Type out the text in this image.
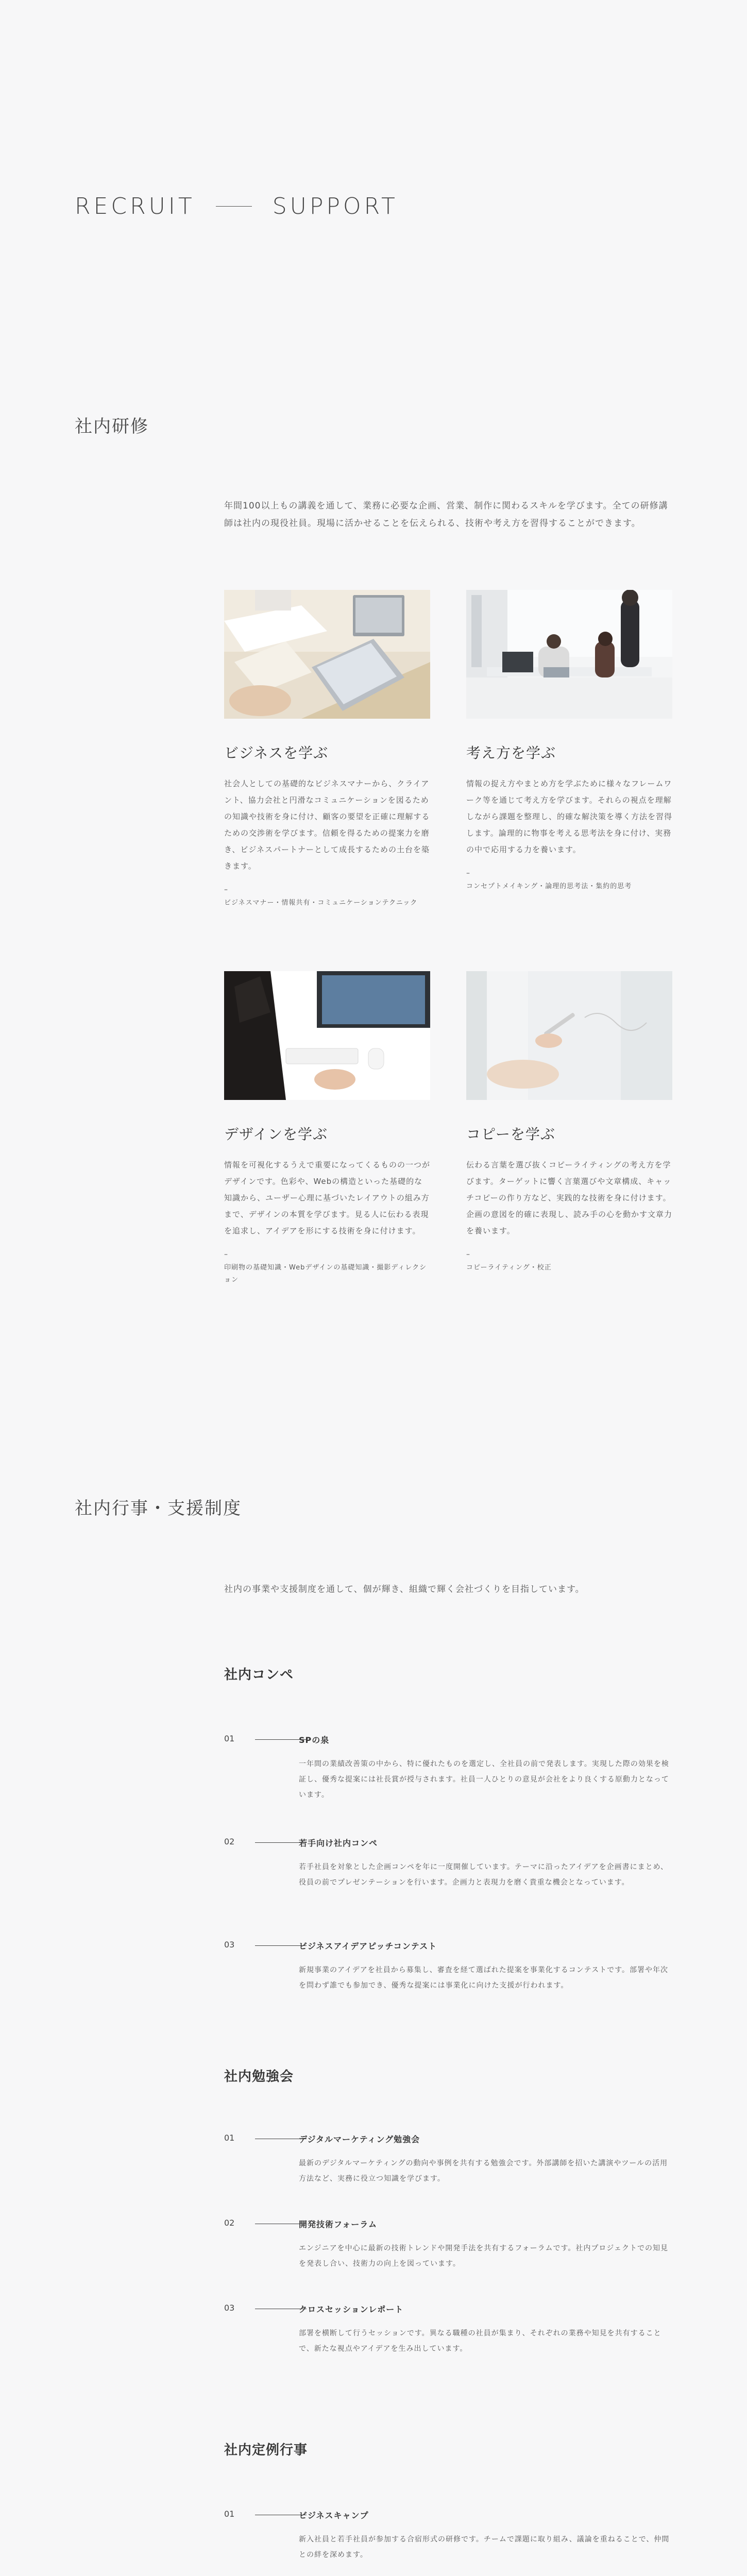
RECRUIT	SUPPORT
社内研修
年間100以上もの講義を通して、業務に必要な企画、営業、制作に関わるスキルを学びます。全ての研修講師は社内の現役社員。現場に活かせることを伝えられる、技術や考え方を習得することができます。
ビジネスを学ぶ

社会人としての基礎的なビジネスマナーから、クライアント、協力会社と円滑なコミュニケーションを図るための知識や技術を身に付け、顧客の要望を正確に理解するための交渉術を学びます。信頼を得るための提案力を磨き、ビジネスパートナーとして成長するための土台を築きます。

–
ビジネスマナー・情報共有・コミュニケーションテクニック
考え方を学ぶ

情報の捉え方やまとめ方を学ぶために様々なフレームワーク等を通じて考え方を学びます。それらの視点を理解しながら課題を整理し、的確な解決策を導く方法を習得します。論理的に物事を考える思考法を身に付け、実務の中で応用する力を養います。

–
コンセプトメイキング・論理的思考法・集約的思考
デザインを学ぶ

情報を可視化するうえで重要になってくるものの一つがデザインです。色彩や、Webの構造といった基礎的な知識から、ユーザー心理に基づいたレイアウトの組み方まで、デザインの本質を学びます。見る人に伝わる表現を追求し、アイデアを形にする技術を身に付けます。

–
印刷物の基礎知識・Webデザインの基礎知識・撮影ディレクション
コピーを学ぶ

伝わる言葉を選び抜くコピーライティングの考え方を学びます。ターゲットに響く言葉選びや文章構成、キャッチコピーの作り方など、実践的な技術を身に付けます。企画の意図を的確に表現し、読み手の心を動かす文章力を養います。

–
コピーライティング・校正
社内行事・支援制度
社内の事業や支援制度を通して、個が輝き、組織で輝く会社づくりを目指しています。
社内コンペ
01	SPの泉

一年間の業績改善策の中から、特に優れたものを選定し、全社員の前で発表します。実現した際の効果を検証し、優秀な提案には社長賞が授与されます。社員一人ひとりの意見が会社をより良くする原動力となっています。

02	若手向け社内コンペ

若手社員を対象とした企画コンペを年に一度開催しています。テーマに沿ったアイデアを企画書にまとめ、役員の前でプレゼンテーションを行います。企画力と表現力を磨く貴重な機会となっています。

03	ビジネスアイデアピッチコンテスト

新規事業のアイデアを社員から募集し、審査を経て選ばれた提案を事業化するコンテストです。部署や年次を問わず誰でも参加でき、優秀な提案には事業化に向けた支援が行われます。

社内勉強会
01	デジタルマーケティング勉強会

最新のデジタルマーケティングの動向や事例を共有する勉強会です。外部講師を招いた講演やツールの活用方法など、実務に役立つ知識を学びます。

02	開発技術フォーラム

エンジニアを中心に最新の技術トレンドや開発手法を共有するフォーラムです。社内プロジェクトでの知見を発表し合い、技術力の向上を図っています。

03	クロスセッションレポート

部署を横断して行うセッションです。異なる職種の社員が集まり、それぞれの業務や知見を共有することで、新たな視点やアイデアを生み出しています。

社内定例行事
01	ビジネスキャンプ

新入社員と若手社員が参加する合宿形式の研修です。チームで課題に取り組み、議論を重ねることで、仲間との絆を深めます。
